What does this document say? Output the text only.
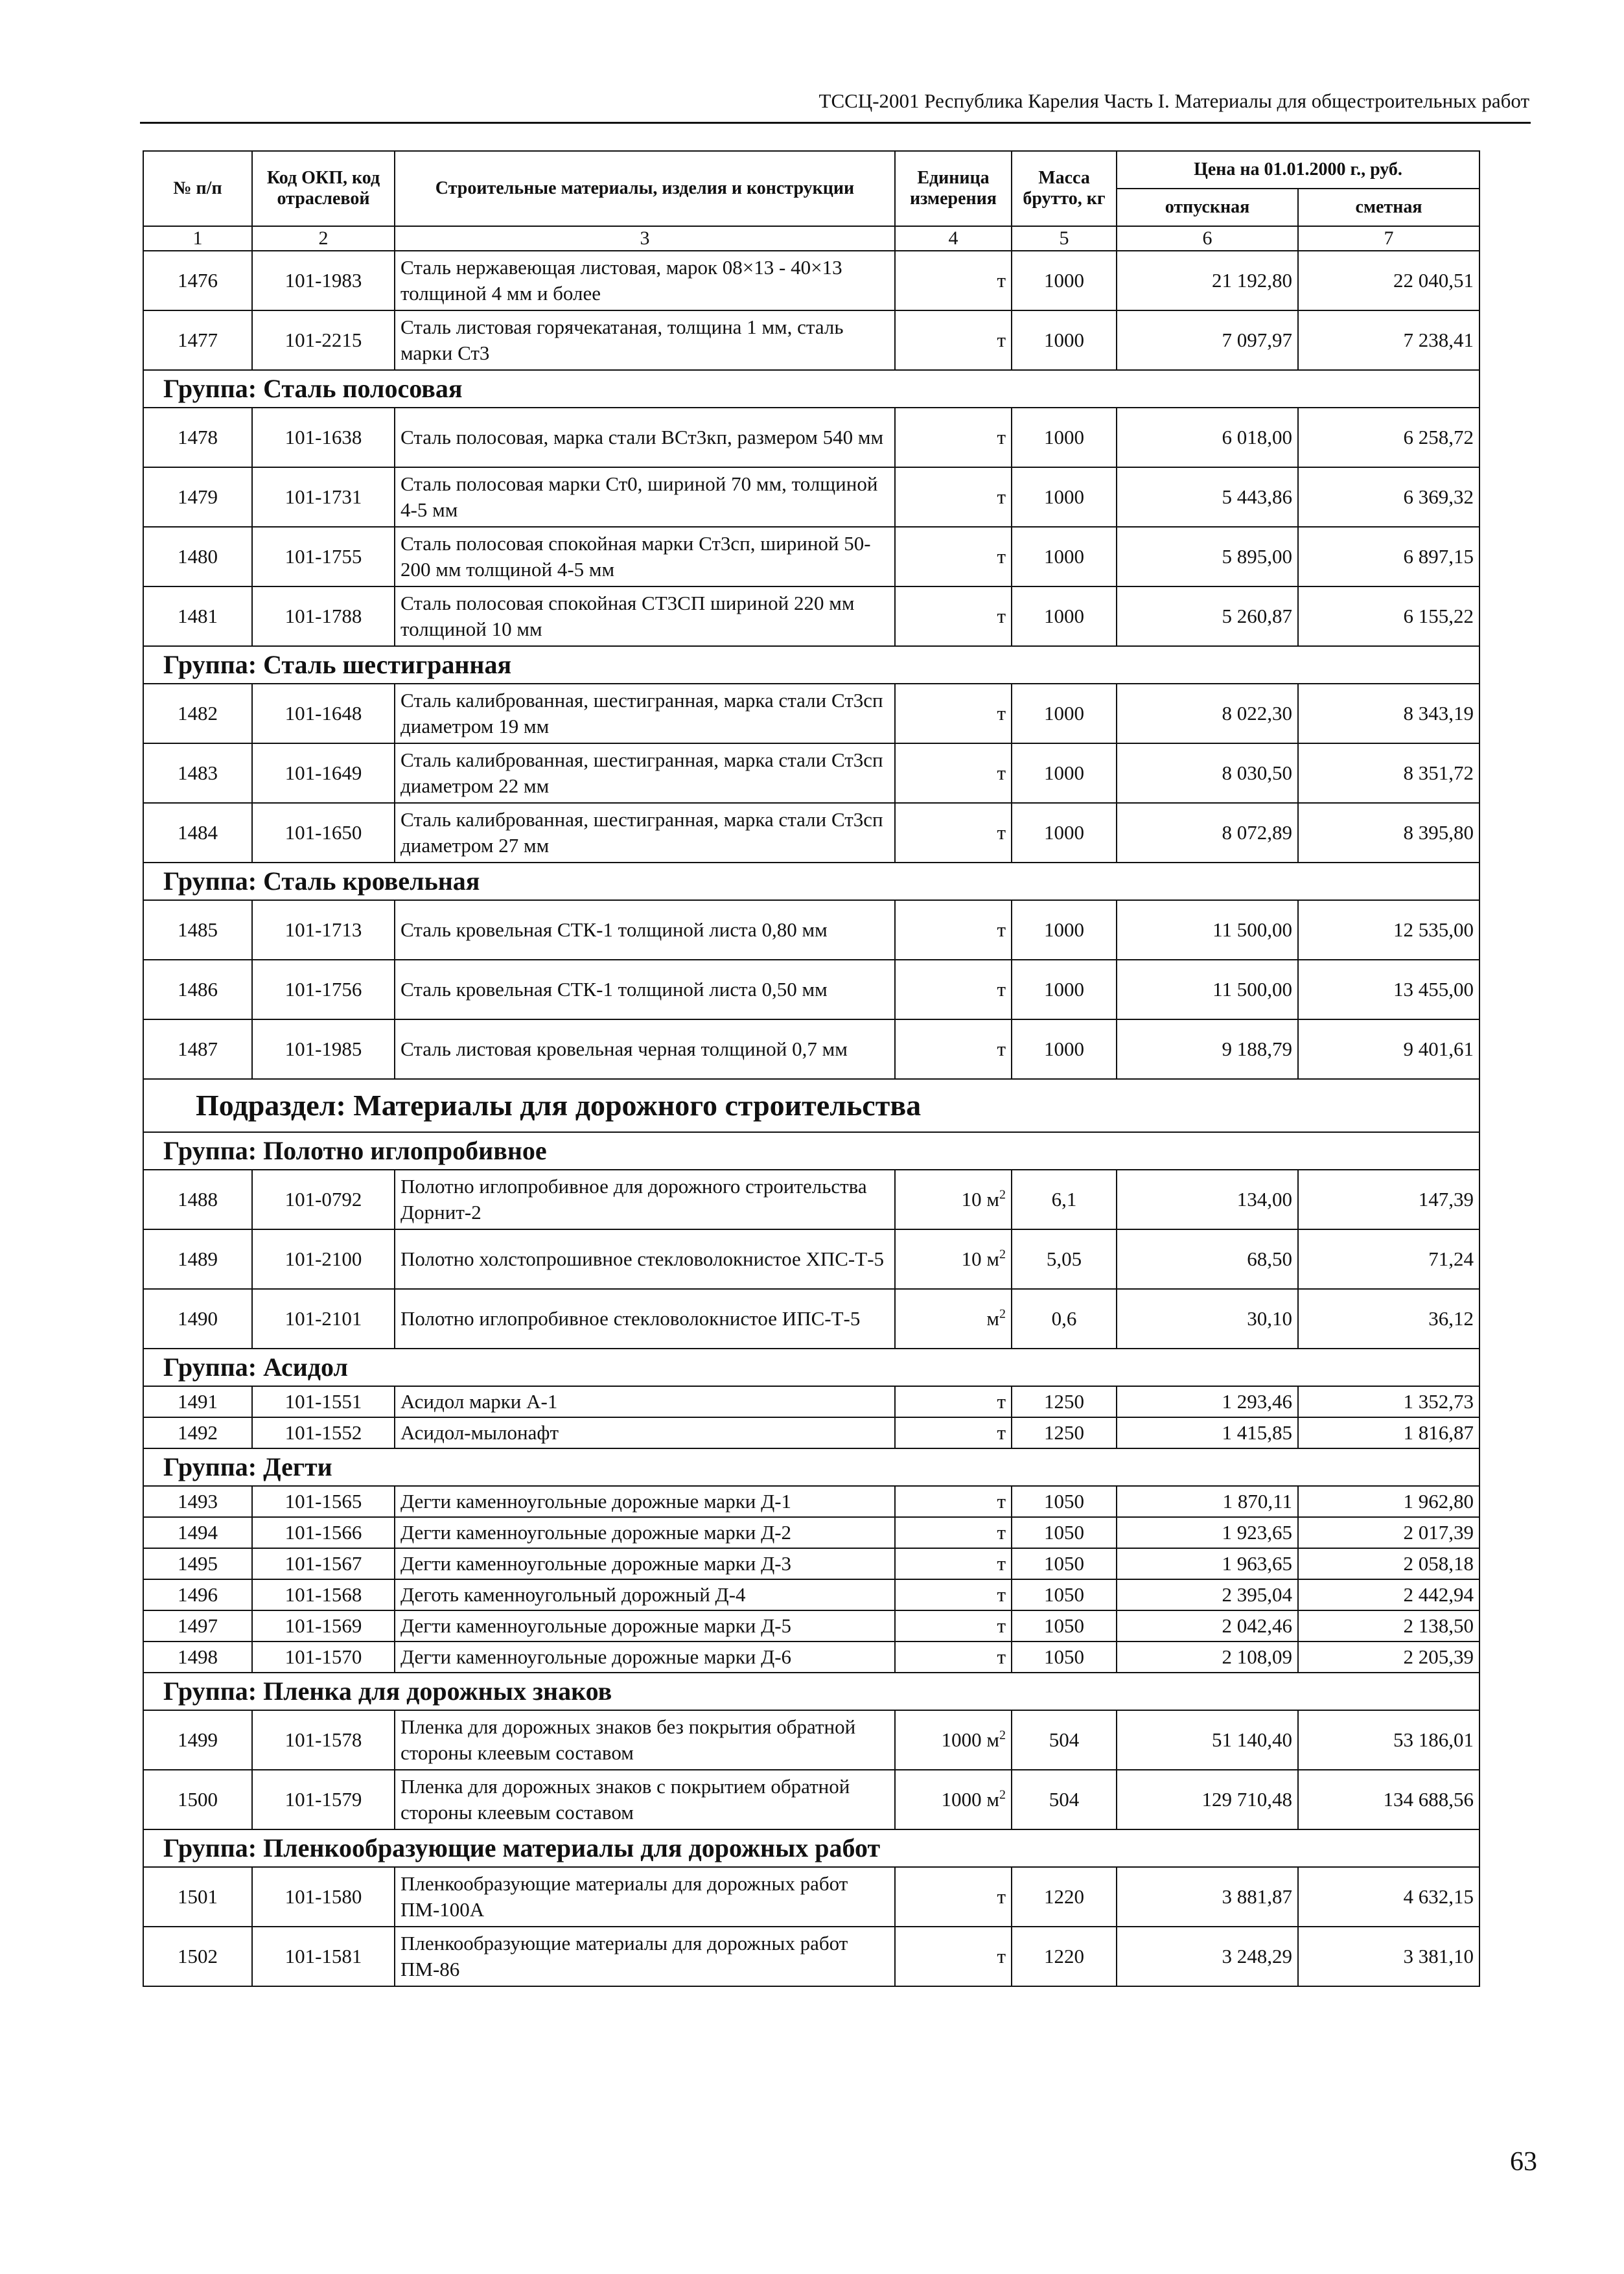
ТССЦ-2001 Республика Карелия Часть I. Материалы для общестроительных работ
№ п/п	Код ОКП, код отраслевой	Строительные материалы, изделия и конструкции	Единица измерения	Масса брутто, кг	Цена на 01.01.2000 г., руб.	
					отпускная	сметная
1	2	3	4	5	6	7
1476	101-1983	Сталь нержавеющая листовая, марок 08×13 - 40×13 толщиной 4 мм и более	т	1000	21 192,80	22 040,51
1477	101-2215	Сталь листовая горячекатаная, толщина 1 мм, сталь марки Ст3	т	1000	7 097,97	7 238,41
Группа: Сталь полосовая						
1478	101-1638	Сталь полосовая, марка стали ВСт3кп, размером 540 мм	т	1000	6 018,00	6 258,72
1479	101-1731	Сталь полосовая марки Ст0, шириной 70 мм, толщиной 4-5 мм	т	1000	5 443,86	6 369,32
1480	101-1755	Сталь полосовая спокойная марки Ст3сп, шириной 50-200 мм толщиной 4-5 мм	т	1000	5 895,00	6 897,15
1481	101-1788	Сталь полосовая спокойная СТ3СП шириной 220 мм толщиной 10 мм	т	1000	5 260,87	6 155,22
Группа: Сталь шестигранная						
1482	101-1648	Сталь калиброванная, шестигранная, марка стали Ст3сп диаметром 19 мм	т	1000	8 022,30	8 343,19
1483	101-1649	Сталь калиброванная, шестигранная, марка стали Ст3сп диаметром 22 мм	т	1000	8 030,50	8 351,72
1484	101-1650	Сталь калиброванная, шестигранная, марка стали Ст3сп диаметром 27 мм	т	1000	8 072,89	8 395,80
Группа: Сталь кровельная						
1485	101-1713	Сталь кровельная СТК-1 толщиной листа 0,80 мм	т	1000	11 500,00	12 535,00
1486	101-1756	Сталь кровельная СТК-1 толщиной листа 0,50 мм	т	1000	11 500,00	13 455,00
1487	101-1985	Сталь листовая кровельная черная толщиной 0,7 мм	т	1000	9 188,79	9 401,61
Подраздел: Материалы для дорожного строительства						
Группа: Полотно иглопробивное						
1488	101-0792	Полотно иглопробивное для дорожного строительства Дорнит-2	10 $м^2$	6,1	134,00	147,39
1489	101-2100	Полотно холстопрошивное стекловолокнистое ХПС-Т-5	10 $м^2$	5,05	68,50	71,24
1490	101-2101	Полотно иглопробивное стекловолокнистое ИПС-Т-5	$м^2$	0,6	30,10	36,12
Группа: Асидол						
1491	101-1551	Асидол марки А-1	т	1250	1 293,46	1 352,73
1492	101-1552	Асидол-мылонафт	т	1250	1 415,85	1 816,87
Группа: Дегти						
1493	101-1565	Дегти каменноугольные дорожные марки Д-1	т	1050	1 870,11	1 962,80
1494	101-1566	Дегти каменноугольные дорожные марки Д-2	т	1050	1 923,65	2 017,39
1495	101-1567	Дегти каменноугольные дорожные марки Д-3	т	1050	1 963,65	2 058,18
1496	101-1568	Деготь каменноугольный дорожный Д-4	т	1050	2 395,04	2 442,94
1497	101-1569	Дегти каменноугольные дорожные марки Д-5	т	1050	2 042,46	2 138,50
1498	101-1570	Дегти каменноугольные дорожные марки Д-6	т	1050	2 108,09	2 205,39
Группа: Пленка для дорожных знаков						
1499	101-1578	Пленка для дорожных знаков без покрытия обратной стороны клеевым составом	1000 $м^2$	504	51 140,40	53 186,01
1500	101-1579	Пленка для дорожных знаков с покрытием обратной стороны клеевым составом	1000 $м^2$	504	129 710,48	134 688,56
Группа: Пленкообразующие материалы для дорожных работ						
1501	101-1580	Пленкообразующие материалы для дорожных работ ПМ-100А	т	1220	3 881,87	4 632,15
1502	101-1581	Пленкообразующие материалы для дорожных работ ПМ-86	т	1220	3 248,29	3 381,10
63
